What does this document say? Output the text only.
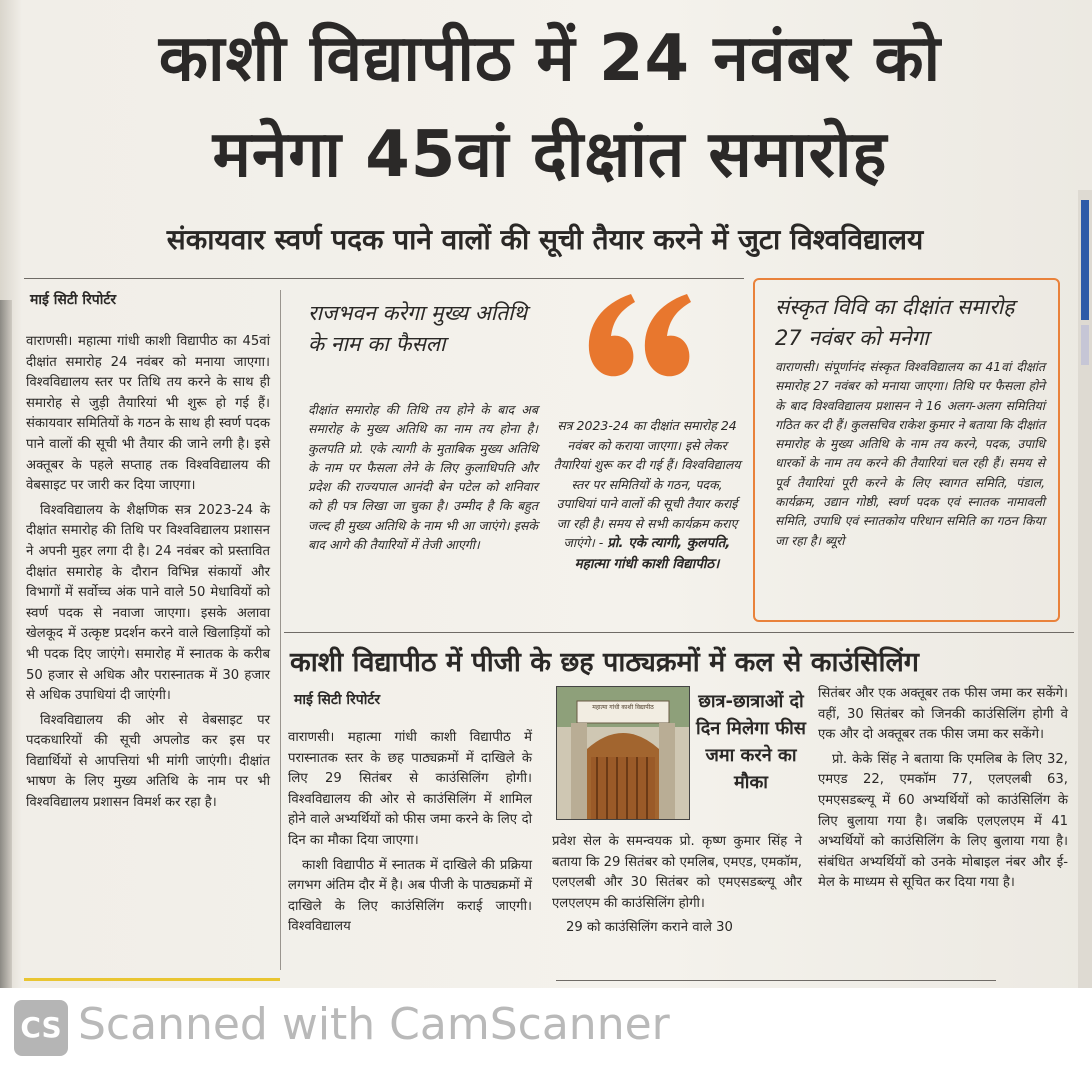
काशी विद्यापीठ में 24 नवंबर को
मनेगा 45वां दीक्षांत समारोह
संकायवार स्वर्ण पदक पाने वालों की सूची तैयार करने में जुटा विश्वविद्यालय
माई सिटी रिपोर्टर

वाराणसी। महात्मा गांधी काशी विद्यापीठ का 45वां दीक्षांत समारोह 24 नवंबर को मनाया जाएगा। विश्वविद्यालय स्तर पर तिथि तय करने के साथ ही समारोह से जुड़ी तैयारियां भी शुरू हो गई हैं। संकायवार समितियों के गठन के साथ ही स्वर्ण पदक पाने वालों की सूची भी तैयार की जाने लगी है। इसे अक्तूबर के पहले सप्ताह तक विश्वविद्यालय की वेबसाइट पर जारी कर दिया जाएगा।

विश्वविद्यालय के शैक्षणिक सत्र 2023-24 के दीक्षांत समारोह की तिथि पर विश्वविद्यालय प्रशासन ने अपनी मुहर लगा दी है। 24 नवंबर को प्रस्तावित दीक्षांत समारोह के दौरान विभिन्न संकायों और विभागों में सर्वोच्च अंक पाने वाले 50 मेधावियों को स्वर्ण पदक से नवाजा जाएगा। इसके अलावा खेलकूद में उत्कृष्ट प्रदर्शन करने वाले खिलाड़ियों को भी पदक दिए जाएंगे। समारोह में स्नातक के करीब 50 हजार से अधिक और परास्नातक में 30 हजार से अधिक उपाधियां दी जाएंगी।

विश्वविद्यालय की ओर से वेबसाइट पर पदकधारियों की सूची अपलोड कर इस पर विद्यार्थियों से आपत्तियां भी मांगी जाएंगी। दीक्षांत भाषण के लिए मुख्य अतिथि के नाम पर भी विश्वविद्यालय प्रशासन विमर्श कर रहा है।

राजभवन करेगा मुख्य अतिथि के नाम का फैसला
दीक्षांत समारोह की तिथि तय होने के बाद अब समारोह के मुख्य अतिथि का नाम तय होना है। कुलपति प्रो. एके त्यागी के मुताबिक मुख्य अतिथि के नाम पर फैसला लेने के लिए कुलाधिपति और प्रदेश की राज्यपाल आनंदी बेन पटेल को शनिवार को ही पत्र लिखा जा चुका है। उम्मीद है कि बहुत जल्द ही मुख्य अतिथि के नाम भी आ जाएंगे। इसके बाद आगे की तैयारियों में तेजी आएगी।
सत्र 2023-24 का दीक्षांत समारोह 24 नवंबर को कराया जाएगा। इसे लेकर तैयारियां शुरू कर दी गई हैं। विश्वविद्यालय स्तर पर समितियों के गठन, पदक, उपाधियां पाने वालों की सूची तैयार कराई जा रही है। समय से सभी कार्यक्रम कराए जाएंगे। - प्रो. एके त्यागी, कुलपति, महात्मा गांधी काशी विद्यापीठ।
संस्कृत विवि का दीक्षांत समारोह 27 नवंबर को मनेगा
वाराणसी। संपूर्णानंद संस्कृत विश्वविद्यालय का 41वां दीक्षांत समारोह 27 नवंबर को मनाया जाएगा। तिथि पर फैसला होने के बाद विश्वविद्यालय प्रशासन ने 16 अलग-अलग समितियां गठित कर दी हैं। कुलसचिव राकेश कुमार ने बताया कि दीक्षांत समारोह के मुख्य अतिथि के नाम तय करने, पदक, उपाधि धारकों के नाम तय करने की तैयारियां चल रही हैं। समय से पूर्व तैयारियां पूरी करने के लिए स्वागत समिति, पंडाल, कार्यक्रम, उद्यान गोष्ठी, स्वर्ण पदक एवं स्नातक नामावली समिति, उपाधि एवं स्नातकोय परिधान समिति का गठन किया जा रहा है। ब्यूरो
काशी विद्यापीठ में पीजी के छह पाठ्यक्रमों में कल से काउंसिलिंग
माई सिटी रिपोर्टर

वाराणसी। महात्मा गांधी काशी विद्यापीठ में परास्नातक स्तर के छह पाठ्यक्रमों में दाखिले के लिए 29 सितंबर से काउंसिलिंग होगी। विश्वविद्यालय की ओर से काउंसिलिंग में शामिल होने वाले अभ्यर्थियों को फीस जमा करने के लिए दो दिन का मौका दिया जाएगा।

काशी विद्यापीठ में स्नातक में दाखिले की प्रक्रिया लगभग अंतिम दौर में है। अब पीजी के पाठ्यक्रमों में दाखिले के लिए काउंसिलिंग कराई जाएगी। विश्वविद्यालय

महात्मा गांधी काशी विद्यापीठ	छात्र-छात्राओं दो दिन मिलेगा फीस जमा करने का मौका

प्रवेश सेल के समन्वयक प्रो. कृष्ण कुमार सिंह ने बताया कि 29 सितंबर को एमलिब, एमएड, एमकॉम, एलएलबी और 30 सितंबर को एमएसडब्ल्यू और एलएलएम की काउंसिलिंग होगी।

29 को काउंसिलिंग कराने वाले 30

सितंबर और एक अक्तूबर तक फीस जमा कर सकेंगे। वहीं, 30 सितंबर को जिनकी काउंसिलिंग होगी वे एक और दो अक्तूबर तक फीस जमा कर सकेंगे।

प्रो. केके सिंह ने बताया कि एमलिब के लिए 32, एमएड 22, एमकॉम 77, एलएलबी 63, एमएसडब्ल्यू में 60 अभ्यर्थियों को काउंसिलिंग के लिए बुलाया गया है। जबकि एलएलएम में 41 अभ्यर्थियों को काउंसिलिंग के लिए बुलाया गया है। संबंधित अभ्यर्थियों को उनके मोबाइल नंबर और ई-मेल के माध्यम से सूचित कर दिया गया है।

CS Scanned with CamScanner
